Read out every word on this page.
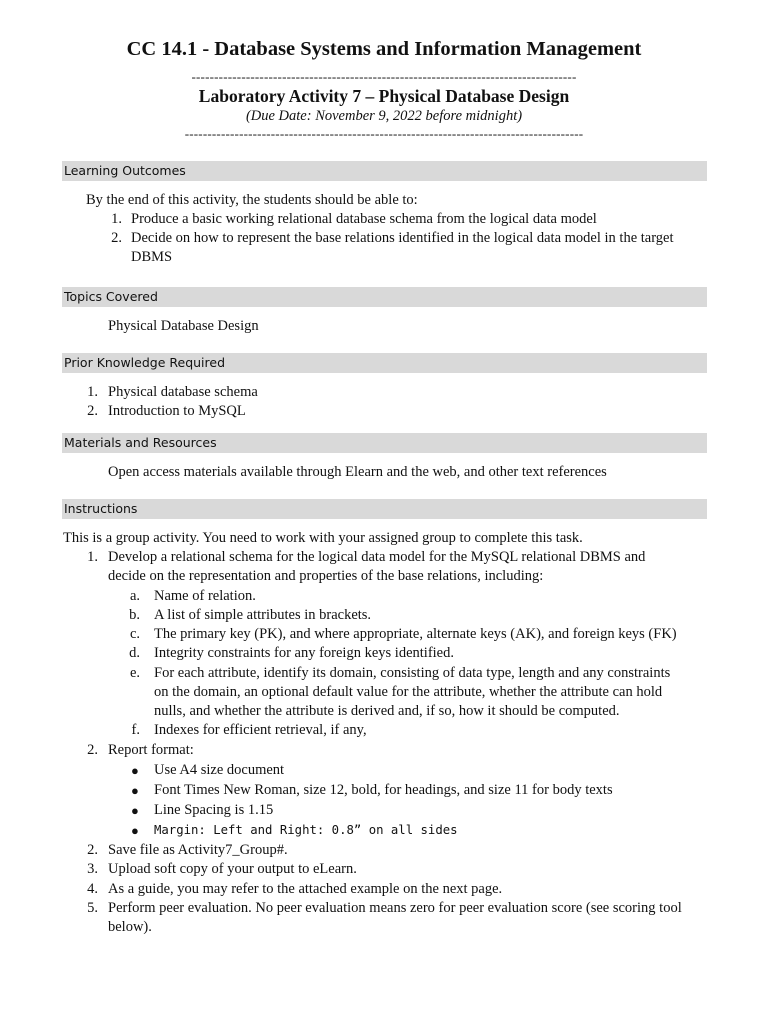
CC 14.1 - Database Systems and Information Management
-------------------------------------------------------------------------------------
Laboratory Activity 7 – Physical Database Design
(Due Date: November 9, 2022 before midnight)
----------------------------------------------------------------------------------------
Learning Outcomes
By the end of this activity, the students should be able to:
1. Produce a basic working relational database schema from the logical data model
2. Decide on how to represent the base relations identified in the logical data model in the target
DBMS
Topics Covered
Physical Database Design
Prior Knowledge Required
1. Physical database schema
2. Introduction to MySQL
Materials and Resources
Open access materials available through Elearn and the web, and other text references
Instructions
This is a group activity. You need to work with your assigned group to complete this task.
1. Develop a relational schema for the logical data model for the MySQL relational DBMS and
decide on the representation and properties of the base relations, including:
a. Name of relation.
b. A list of simple attributes in brackets.
c. The primary key (PK), and where appropriate, alternate keys (AK), and foreign keys (FK)
d. Integrity constraints for any foreign keys identified.
e. For each attribute, identify its domain, consisting of data type, length and any constraints
on the domain, an optional default value for the attribute, whether the attribute can hold
nulls, and whether the attribute is derived and, if so, how it should be computed.
f. Indexes for efficient retrieval, if any,
2. Report format:
● Use A4 size document
● Font Times New Roman, size 12, bold, for headings, and size 11 for body texts
● Line Spacing is 1.15
● Margin: Left and Right: 0.8” on all sides
2. Save file as Activity7_Group#.
3. Upload soft copy of your output to eLearn.
4. As a guide, you may refer to the attached example on the next page.
5. Perform peer evaluation. No peer evaluation means zero for peer evaluation score (see scoring tool
below).
